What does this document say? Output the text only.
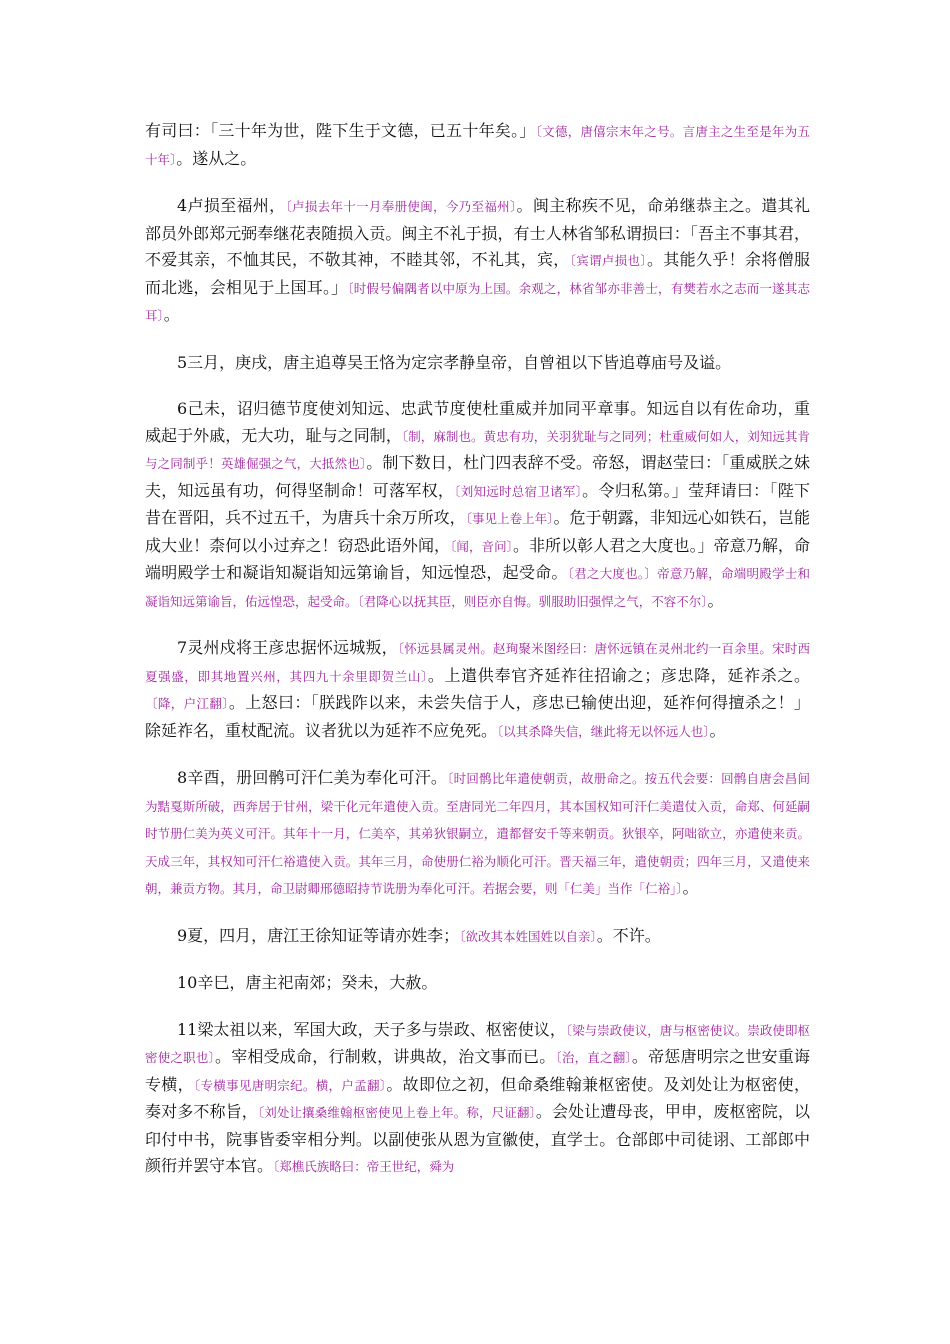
有司曰：「三十年为世，陛下生于文德，已五十年矣。」〔文德，唐僖宗末年之号。言唐主之生至是年为五十年〕。遂从之。

4卢损至福州，〔卢损去年十一月奉册使闽，今乃至福州〕。闽主称疾不见，命弟继恭主之。遣其礼部员外郎郑元弼奉继花表随损入贡。闽主不礼于损，有士人林省邹私谓损曰：「吾主不事其君，不爱其亲，不恤其民，不敬其神，不睦其邻，不礼其，宾，〔宾谓卢损也〕。其能久乎！余将僧服而北逃，会相见于上国耳。」〔时假号偏隅者以中原为上国。余观之，林省邹亦非善士，有樊若水之志而一遂其志耳〕。

5三月，庚戌，唐主追尊吴王恪为定宗孝静皇帝，自曾祖以下皆追尊庙号及谥。

6己未，诏归德节度使刘知远、忠武节度使杜重威并加同平章事。知远自以有佐命功，重威起于外戚，无大功，耻与之同制，〔制，麻制也。黄忠有功，关羽犹耻与之同列；杜重威何如人，刘知远其肯与之同制乎！英雄倔强之气，大抵然也〕。制下数日，杜门四表辞不受。帝怒，谓赵莹曰：「重威朕之妹夫，知远虽有功，何得坚制命！可落军权，〔刘知远时总宿卫诸军〕。令归私第。」莹拜请曰：「陛下昔在晋阳，兵不过五千，为唐兵十余万所攻，〔事见上卷上年〕。危于朝露，非知远心如铁石，岂能成大业！柰何以小过弃之！窃恐此语外闻，〔闻，音问〕。非所以彰人君之大度也。」帝意乃解，命端明殿学士和凝诣知凝诣知远第谕旨，知远惶恐，起受命。〔君之大度也。〕帝意乃解，命端明殿学士和凝诣知远第谕旨，佑远惶恐，起受命。〔君降心以抚其臣，则臣亦自悔。驯服助旧强悍之气，不容不尔〕。

7灵州戍将王彦忠据怀远城叛，〔怀远县属灵州。赵珣聚米图经曰：唐怀远镇在灵州北约一百余里。宋时西夏强盛，即其地置兴州，其四九十余里即贺兰山〕。上遣供奉官齐延祚往招谕之；彦忠降，延祚杀之。〔降，户江翻〕。上怒曰：「朕践阼以来，未尝失信于人，彦忠已输使出迎，延祚何得擅杀之！」除延祚名，重杖配流。议者犹以为延祚不应免死。〔以其杀降失信，继此将无以怀远人也〕。

8辛酉，册回鹘可汗仁美为奉化可汗。〔时回鹘比年遣使朝贡，故册命之。按五代会要：回鹘自唐会昌间为黠戛斯所破，西奔居于甘州，梁干化元年遣使入贡。至唐同光二年四月，其本国权知可汗仁美遣仗入贡，命郑、何延嗣时节册仁美为英义可汗。其年十一月，仁美卒，其弟狄银嗣立，遣都督安千等来朝贡。狄银卒，阿咄欲立，亦遣使来贡。天成三年，其权知可汗仁裕遣使入贡。其年三月，命使册仁裕为顺化可汗。晋天福三年，遣使朝贡；四年三月，又遣使来朝，兼贡方物。其月，命卫尉卿邢德昭持节诜册为奉化可汗。若据会要，则「仁美」当作「仁裕」〕。

9夏，四月，唐江王徐知证等请亦姓李；〔欲改其本姓国姓以自亲〕。不许。

10辛巳，唐主祀南郊；癸未，大赦。

11梁太祖以来，军国大政，天子多与崇政、枢密使议，〔梁与崇政使议，唐与枢密使议。崇政使即枢密使之职也〕。宰相受成命，行制敕，讲典故，治文事而已。〔治，直之翻〕。帝惩唐明宗之世安重诲专横，〔专横事见唐明宗纪。横，户孟翻〕。故即位之初，但命桑维翰兼枢密使。及刘处让为枢密使，奏对多不称旨，〔刘处让攘桑维翰枢密使见上卷上年。称，尺证翻〕。会处让遭母丧，甲申，废枢密院，以印付中书，院事皆委宰相分判。以副使张从恩为宣徽使，直学士。仓部郎中司徒诩、工部郎中颜衎并罢守本官。〔郑樵氏族略曰：帝王世纪，舜为
